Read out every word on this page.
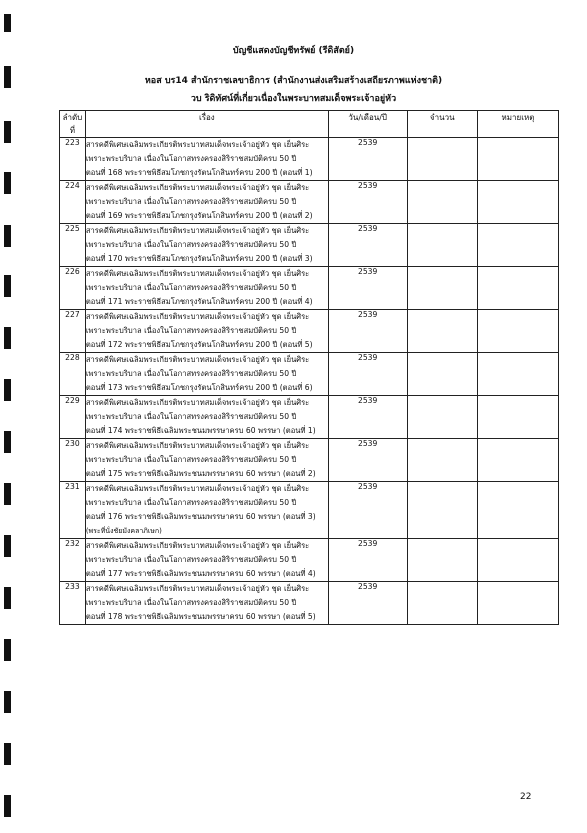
บัญชีแสดงบัญชีทรัพย์ (รีดิสัตย์)
หอส บร14 สำนักราชเลขาธิการ (สำนักงานส่งเสริมสร้างเสถียรภาพแห่งชาติ)
วบ ริดิทัศน์ที่เกี่ยวเนื่องในพระบาทสมเด็จพระเจ้าอยู่หัว
ลำดับที่	เรื่อง	วัน/เดือน/ปี	จำนวน	หมายเหตุ
223	สารคดีพิเศษเฉลิมพระเกียรติพระบาทสมเด็จพระเจ้าอยู่หัว ชุด เย็นศิระ
เพราะพระบริบาล เนื่องในโอกาสทรงครองสิริราชสมบัติครบ 50 ปี
ตอนที่ 168 พระราชพิธีสมโภชกรุงรัตนโกสินทร์ครบ 200 ปี (ตอนที่ 1)	2539		
224	สารคดีพิเศษเฉลิมพระเกียรติพระบาทสมเด็จพระเจ้าอยู่หัว ชุด เย็นศิระ
เพราะพระบริบาล เนื่องในโอกาสทรงครองสิริราชสมบัติครบ 50 ปี
ตอนที่ 169 พระราชพิธีสมโภชกรุงรัตนโกสินทร์ครบ 200 ปี (ตอนที่ 2)	2539		
225	สารคดีพิเศษเฉลิมพระเกียรติพระบาทสมเด็จพระเจ้าอยู่หัว ชุด เย็นศิระ
เพราะพระบริบาล เนื่องในโอกาสทรงครองสิริราชสมบัติครบ 50 ปี
ตอนที่ 170 พระราชพิธีสมโภชกรุงรัตนโกสินทร์ครบ 200 ปี (ตอนที่ 3)	2539		
226	สารคดีพิเศษเฉลิมพระเกียรติพระบาทสมเด็จพระเจ้าอยู่หัว ชุด เย็นศิระ
เพราะพระบริบาล เนื่องในโอกาสทรงครองสิริราชสมบัติครบ 50 ปี
ตอนที่ 171 พระราชพิธีสมโภชกรุงรัตนโกสินทร์ครบ 200 ปี (ตอนที่ 4)	2539		
227	สารคดีพิเศษเฉลิมพระเกียรติพระบาทสมเด็จพระเจ้าอยู่หัว ชุด เย็นศิระ
เพราะพระบริบาล เนื่องในโอกาสทรงครองสิริราชสมบัติครบ 50 ปี
ตอนที่ 172 พระราชพิธีสมโภชกรุงรัตนโกสินทร์ครบ 200 ปี (ตอนที่ 5)	2539		
228	สารคดีพิเศษเฉลิมพระเกียรติพระบาทสมเด็จพระเจ้าอยู่หัว ชุด เย็นศิระ
เพราะพระบริบาล เนื่องในโอกาสทรงครองสิริราชสมบัติครบ 50 ปี
ตอนที่ 173 พระราชพิธีสมโภชกรุงรัตนโกสินทร์ครบ 200 ปี (ตอนที่ 6)	2539		
229	สารคดีพิเศษเฉลิมพระเกียรติพระบาทสมเด็จพระเจ้าอยู่หัว ชุด เย็นศิระ
เพราะพระบริบาล เนื่องในโอกาสทรงครองสิริราชสมบัติครบ 50 ปี
ตอนที่ 174 พระราชพิธีเฉลิมพระชนมพรรษาครบ 60 พรรษา (ตอนที่ 1)	2539		
230	สารคดีพิเศษเฉลิมพระเกียรติพระบาทสมเด็จพระเจ้าอยู่หัว ชุด เย็นศิระ
เพราะพระบริบาล เนื่องในโอกาสทรงครองสิริราชสมบัติครบ 50 ปี
ตอนที่ 175 พระราชพิธีเฉลิมพระชนมพรรษาครบ 60 พรรษา (ตอนที่ 2)	2539		
231	สารคดีพิเศษเฉลิมพระเกียรติพระบาทสมเด็จพระเจ้าอยู่หัว ชุด เย็นศิระ
เพราะพระบริบาล เนื่องในโอกาสทรงครองสิริราชสมบัติครบ 50 ปี
ตอนที่ 176 พระราชพิธีเฉลิมพระชนมพรรษาครบ 60 พรรษา (ตอนที่ 3)
(พระที่นั่งชัยมังคลาภิเษก)	2539		
232	สารคดีพิเศษเฉลิมพระเกียรติพระบาทสมเด็จพระเจ้าอยู่หัว ชุด เย็นศิระ
เพราะพระบริบาล เนื่องในโอกาสทรงครองสิริราชสมบัติครบ 50 ปี
ตอนที่ 177 พระราชพิธีเฉลิมพระชนมพรรษาครบ 60 พรรษา (ตอนที่ 4)	2539		
233	สารคดีพิเศษเฉลิมพระเกียรติพระบาทสมเด็จพระเจ้าอยู่หัว ชุด เย็นศิระ
เพราะพระบริบาล เนื่องในโอกาสทรงครองสิริราชสมบัติครบ 50 ปี
ตอนที่ 178 พระราชพิธีเฉลิมพระชนมพรรษาครบ 60 พรรษา (ตอนที่ 5)	2539		
22
